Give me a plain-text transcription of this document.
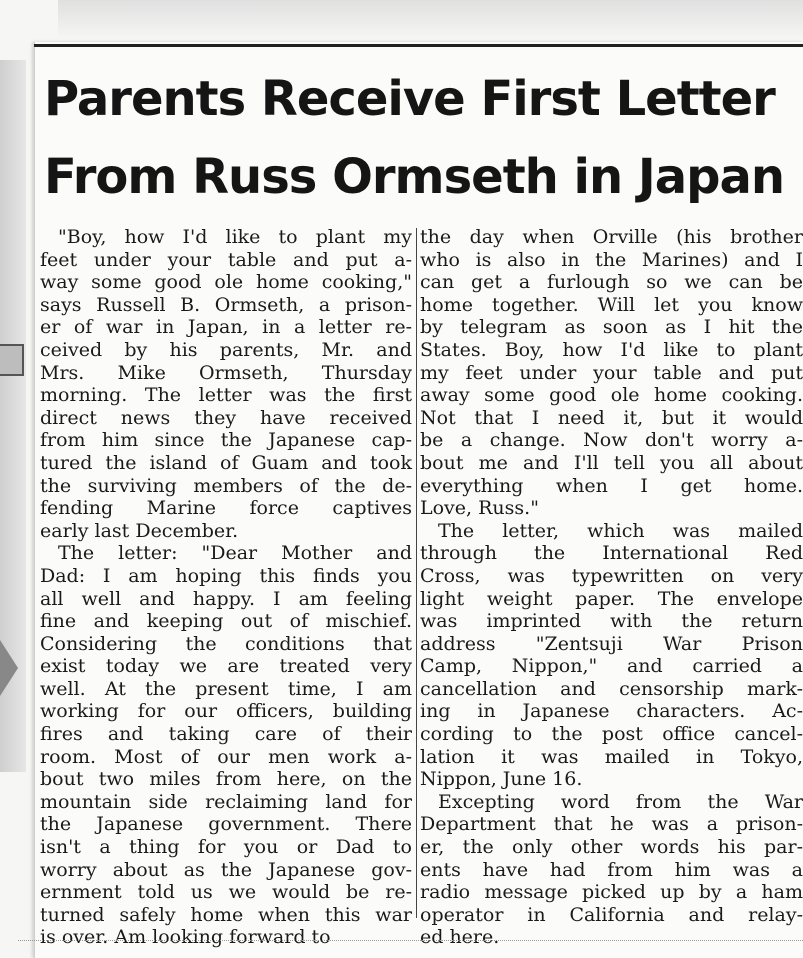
Parents Receive First Letter
From Russ Ormseth in Japan

"Boy, how I'd like to plant my

feet under your table and put a-

way some good ole home cooking,"

says Russell B. Ormseth, a prison-

er of war in Japan, in a letter re-

ceived by his parents, Mr. and

Mrs. Mike Ormseth, Thursday

morning. The letter was the first

direct news they have received

from him since the Japanese cap-

tured the island of Guam and took

the surviving members of the de-

fending Marine force captives

early last December.

The letter: "Dear Mother and

Dad: I am hoping this finds you

all well and happy. I am feeling

fine and keeping out of mischief.

Considering the conditions that

exist today we are treated very

well. At the present time, I am

working for our officers, building

fires and taking care of their

room. Most of our men work a-

bout two miles from here, on the

mountain side reclaiming land for

the Japanese government. There

isn't a thing for you or Dad to

worry about as the Japanese gov-

ernment told us we would be re-

turned safely home when this war

is over. Am looking forward to

the day when Orville (his brother

who is also in the Marines) and I

can get a furlough so we can be

home together. Will let you know

by telegram as soon as I hit the

States. Boy, how I'd like to plant

my feet under your table and put

away some good ole home cooking.

Not that I need it, but it would

be a change. Now don't worry a-

bout me and I'll tell you all about

everything when I get home.

Love, Russ."

The letter, which was mailed

through the International Red

Cross, was typewritten on very

light weight paper. The envelope

was imprinted with the return

address "Zentsuji War Prison

Camp, Nippon," and carried a

cancellation and censorship mark-

ing in Japanese characters. Ac-

cording to the post office cancel-

lation it was mailed in Tokyo,

Nippon, June 16.

Excepting word from the War

Department that he was a prison-

er, the only other words his par-

ents have had from him was a

radio message picked up by a ham

operator in California and relay-

ed here.
